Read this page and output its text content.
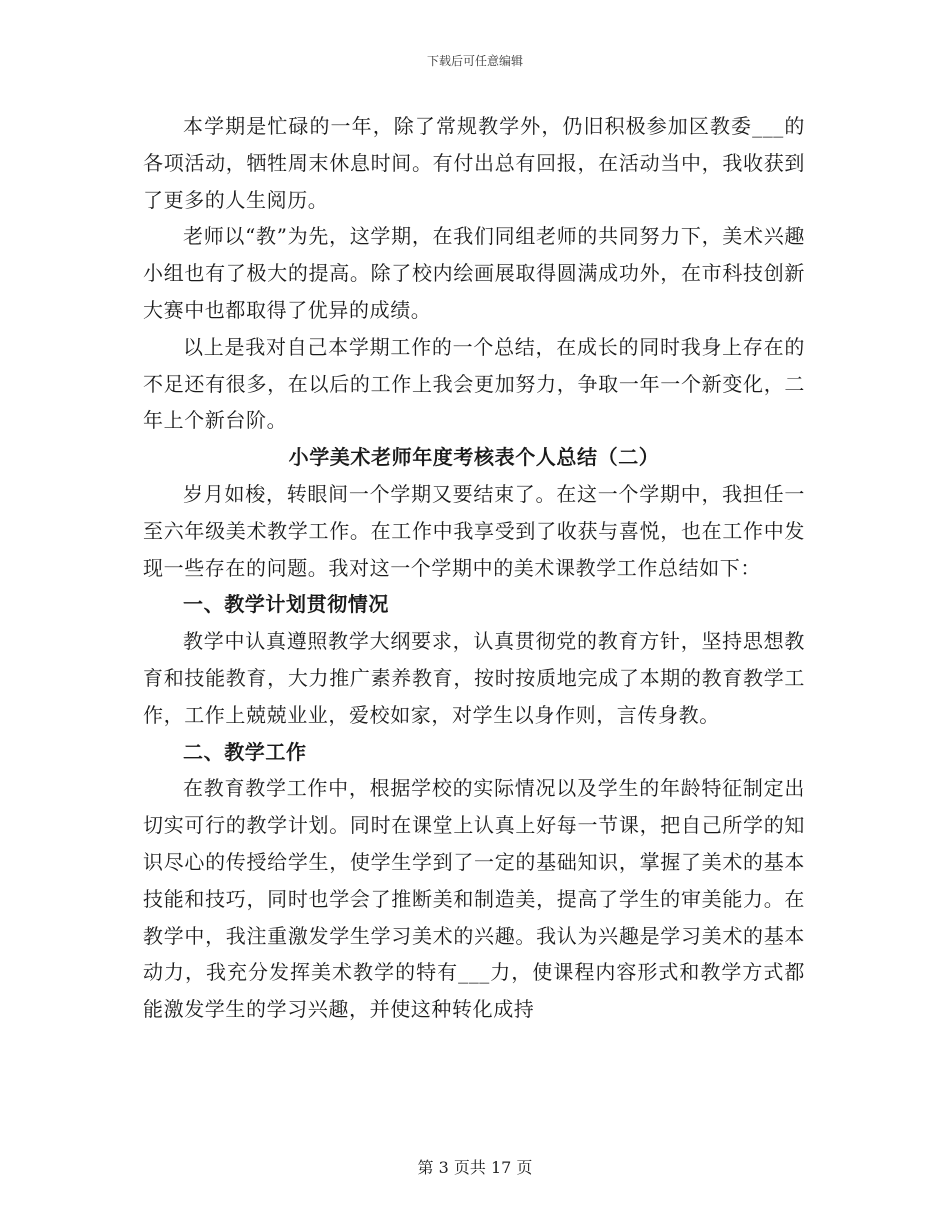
下载后可任意编辑

本学期是忙碌的一年，除了常规教学外，仍旧积极参加区教委___的各项活动，牺牲周末休息时间。有付出总有回报，在活动当中，我收获到了更多的人生阅历。

老师以“教”为先，这学期，在我们同组老师的共同努力下，美术兴趣小组也有了极大的提高。除了校内绘画展取得圆满成功外，在市科技创新大赛中也都取得了优异的成绩。

以上是我对自己本学期工作的一个总结，在成长的同时我身上存在的不足还有很多，在以后的工作上我会更加努力，争取一年一个新变化，二年上个新台阶。

小学美术老师年度考核表个人总结（二）

岁月如梭，转眼间一个学期又要结束了。在这一个学期中，我担任一至六年级美术教学工作。在工作中我享受到了收获与喜悦，也在工作中发现一些存在的问题。我对这一个学期中的美术课教学工作总结如下：

一、教学计划贯彻情况

教学中认真遵照教学大纲要求，认真贯彻党的教育方针，坚持思想教育和技能教育，大力推广素养教育，按时按质地完成了本期的教育教学工作，工作上兢兢业业，爱校如家，对学生以身作则，言传身教。

二、教学工作

在教育教学工作中，根据学校的实际情况以及学生的年龄特征制定出切实可行的教学计划。同时在课堂上认真上好每一节课，把自己所学的知识尽心的传授给学生，使学生学到了一定的基础知识，掌握了美术的基本技能和技巧，同时也学会了推断美和制造美，提高了学生的审美能力。在教学中，我注重激发学生学习美术的兴趣。我认为兴趣是学习美术的基本动力，我充分发挥美术教学的特有___力，使课程内容形式和教学方式都能激发学生的学习兴趣，并使这种转化成持

第 3 页共 17 页
